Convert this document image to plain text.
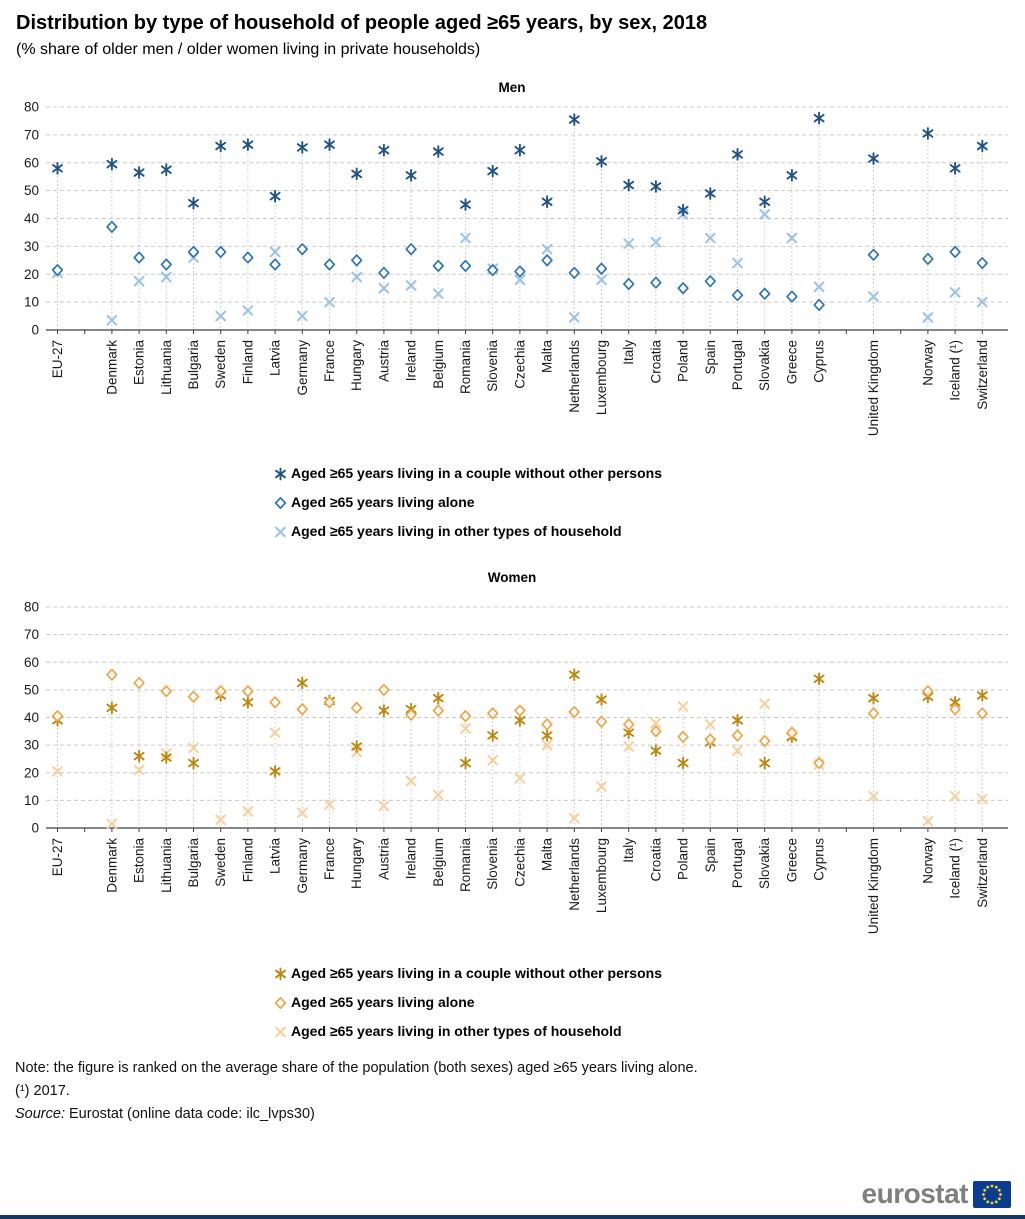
Distribution by type of household of people aged ≥65 years, by sex, 2018
(% share of older men / older women living in private households)
Men
0
10
20
30
40
50
60
70
80
EU-27	Denmark Estonia Lithuania Bulgaria Sweden Finland Latvia Germany France Hungary Austria Ireland Belgium Romania Slovenia Czechia Malta Netherlands Luxembourg Italy Croatia Poland Spain Portugal Slovakia Greece Cyprus	United Kingdom	Norway Iceland (¹) Switzerland
Aged ≥65 years living in a couple without other persons
Aged ≥65 years living alone
Aged ≥65 years living in other types of household
Women
0
10
20
30
40
50
60
70
80
EU-27	Denmark Estonia Lithuania Bulgaria Sweden Finland Latvia Germany France Hungary Austria Ireland Belgium Romania Slovenia Czechia Malta Netherlands Luxembourg Italy Croatia Poland Spain Portugal Slovakia Greece Cyprus	United Kingdom	Norway Iceland (¹) Switzerland
Aged ≥65 years living in a couple without other persons
Aged ≥65 years living alone
Aged ≥65 years living in other types of household
Note: the figure is ranked on the average share of the population (both sexes) aged ≥65 years living alone.
(¹) 2017.
Source: Eurostat (online data code: ilc_lvps30)
eurostat
